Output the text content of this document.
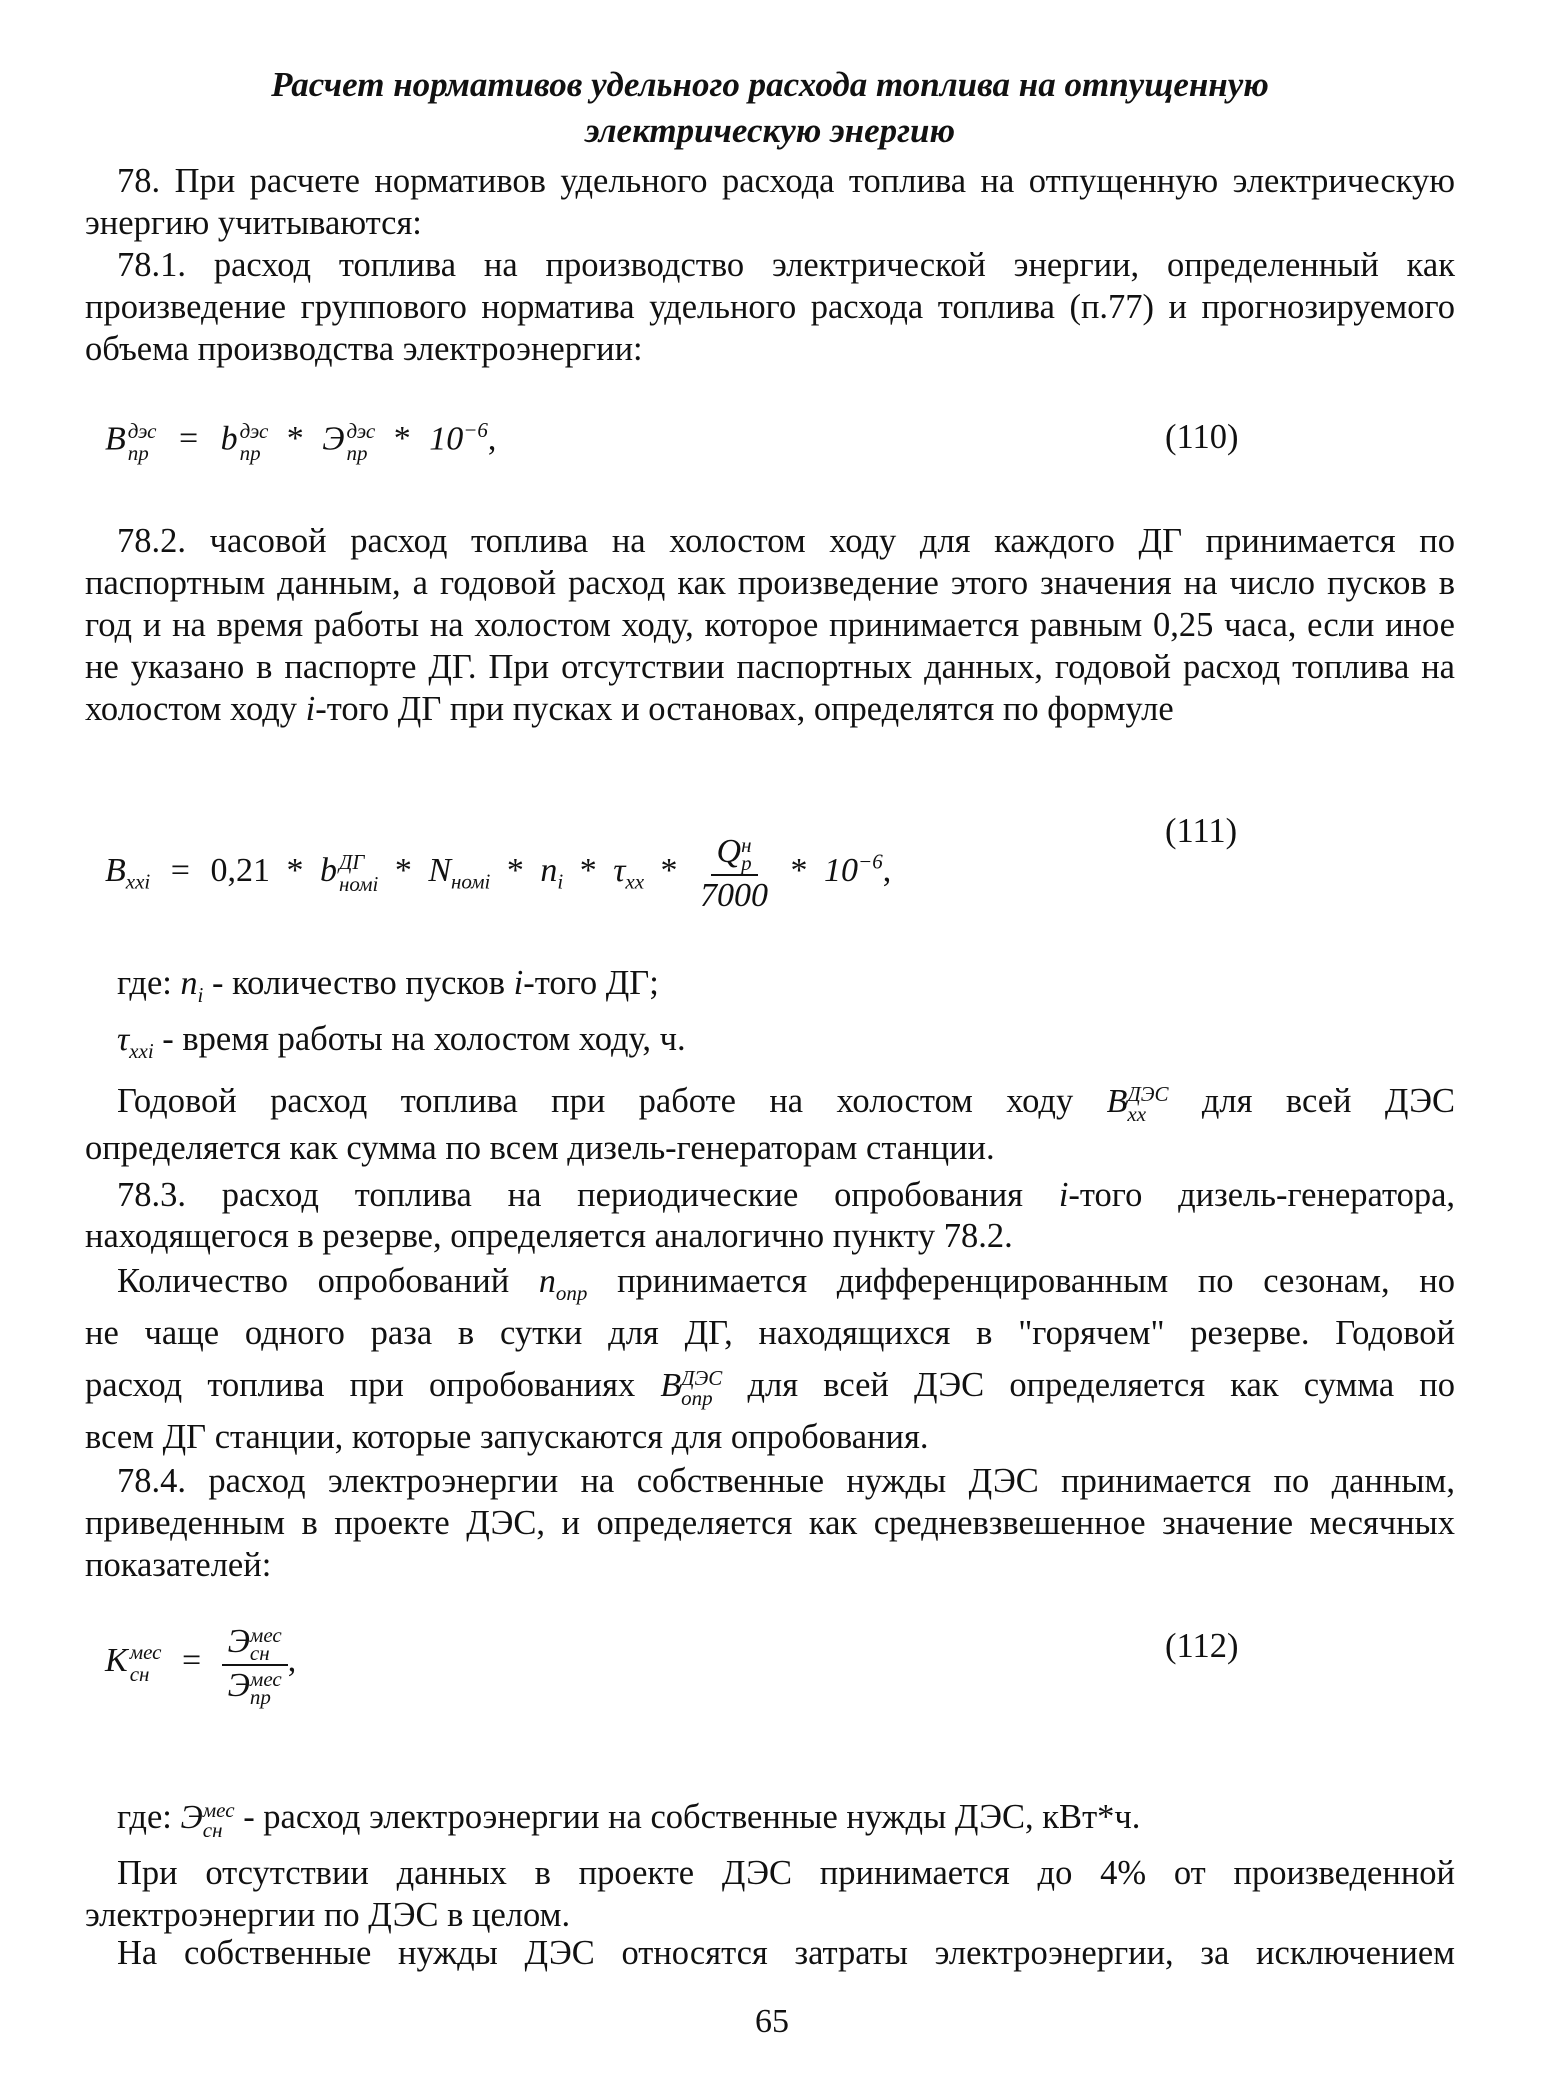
Расчет нормативов удельного расхода топлива на отпущенную
электрическую энергию
78. При расчете нормативов удельного расхода топлива на отпущенную электрическую энергию учитываются:
78.1. расход топлива на производство электрической энергии, определенный как произведение группового норматива удельного расхода топлива (п.77) и прогнозируемого объема производства электроэнергии:
B дэс
пр = b дэс
пр * Э дэс
пр * $10^{-6}$,	(110)
78.2. часовой расход топлива на холостом ходу для каждого ДГ принимается по паспортным данным, а годовой расход как произведение этого значения на число пусков в год и на время работы на холостом ходу, которое принимается равным 0,25 часа, если иное не указано в паспорте ДГ. При отсутствии паспортных данных, годовой расход топлива на холостом ходу i-того ДГ при пусках и остановах, определятся по формуле
$B_{xxi} = 0,21 * b$ ДГ
номi * $N_{номi} * n_i * \tau_{xx}$ * Q н
p
$7000 * 10^{-6}$,
(111)
где: $n_i$ - количество пусков i-того ДГ;
$\tau_{xxi}$ - время работы на холостом ходу, ч.
Годовой расход топлива при работе на холостом ходу B ДЭС
xx	для всей ДЭС
определяется как сумма по всем дизель-генераторам станции.
78.3. расход топлива на периодические опробования i-того дизель-генератора,
находящегося в резерве, определяется аналогично пункту 78.2.
Количество опробований $n_{опр}$ принимается дифференцированным по сезонам, но
не чаще одного раза в сутки для ДГ, находящихся в "горячем" резерве. Годовой
расход топлива при опробованиях B ДЭС
опр для всей ДЭС определяется как сумма по
всем ДГ станции, которые запускаются для опробования.
78.4. расход электроэнергии на собственные нужды ДЭС принимается по данным, приведенным в проекте ДЭС, и определяется как средневзвешенное значение месячных показателей:
K мес
сн = Э мес
сн
Э мес
пр ,	(112)
где: Э мес
сн - расход электроэнергии на собственные нужды ДЭС, кВт*ч.
При отсутствии данных в проекте ДЭС принимается до 4% от произведенной электроэнергии по ДЭС в целом.
На собственные нужды ДЭС относятся затраты электроэнергии, за исключением
65
